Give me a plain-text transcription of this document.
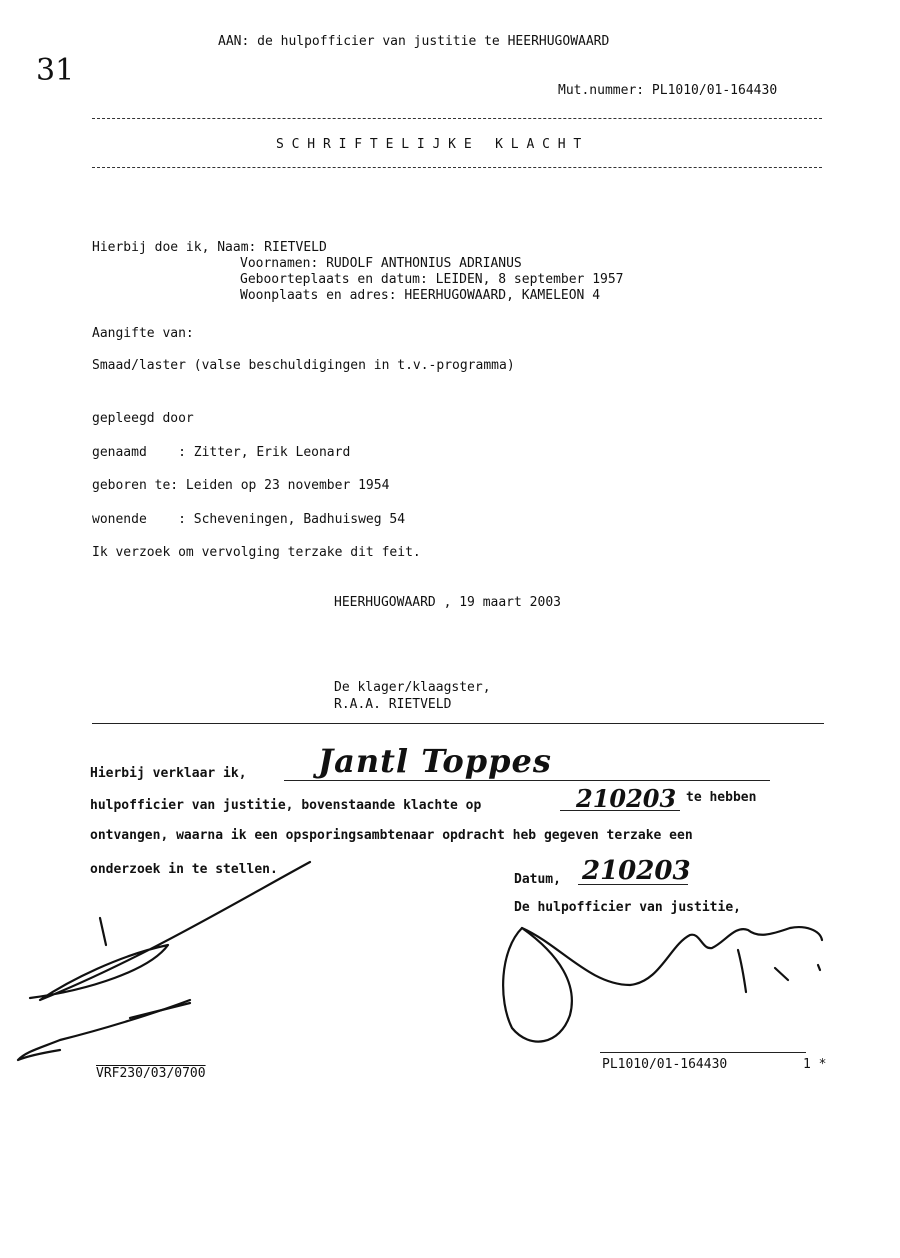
31
AAN: de hulpofficier van justitie te HEERHUGOWAARD
Mut.nummer: PL1010/01-164430
S C H R I F T E L I J K E   K L A C H T
Hierbij doe ik, Naam: RIETVELD
Voornamen: RUDOLF ANTHONIUS ADRIANUS
Geboorteplaats en datum: LEIDEN, 8 september 1957
Woonplaats en adres: HEERHUGOWAARD, KAMELEON 4
Aangifte van:
Smaad/laster (valse beschuldigingen in t.v.-programma)
gepleegd door
genaamd    : Zitter, Erik Leonard
geboren te: Leiden op 23 november 1954
wonende    : Scheveningen, Badhuisweg 54
Ik verzoek om vervolging terzake dit feit.
HEERHUGOWAARD , 19 maart 2003
De klager/klaagster,
R.A.A. RIETVELD
Hierbij verklaar ik, Jantl Toppes
hulpofficier van justitie, bovenstaande klachte op	210203 te hebben
ontvangen, waarna ik een opsporingsambtenaar opdracht heb gegeven terzake een
onderzoek in te stellen.
Datum, 210203
De hulpofficier van justitie,
VRF230/03/0700
PL1010/01-164430	1 *
